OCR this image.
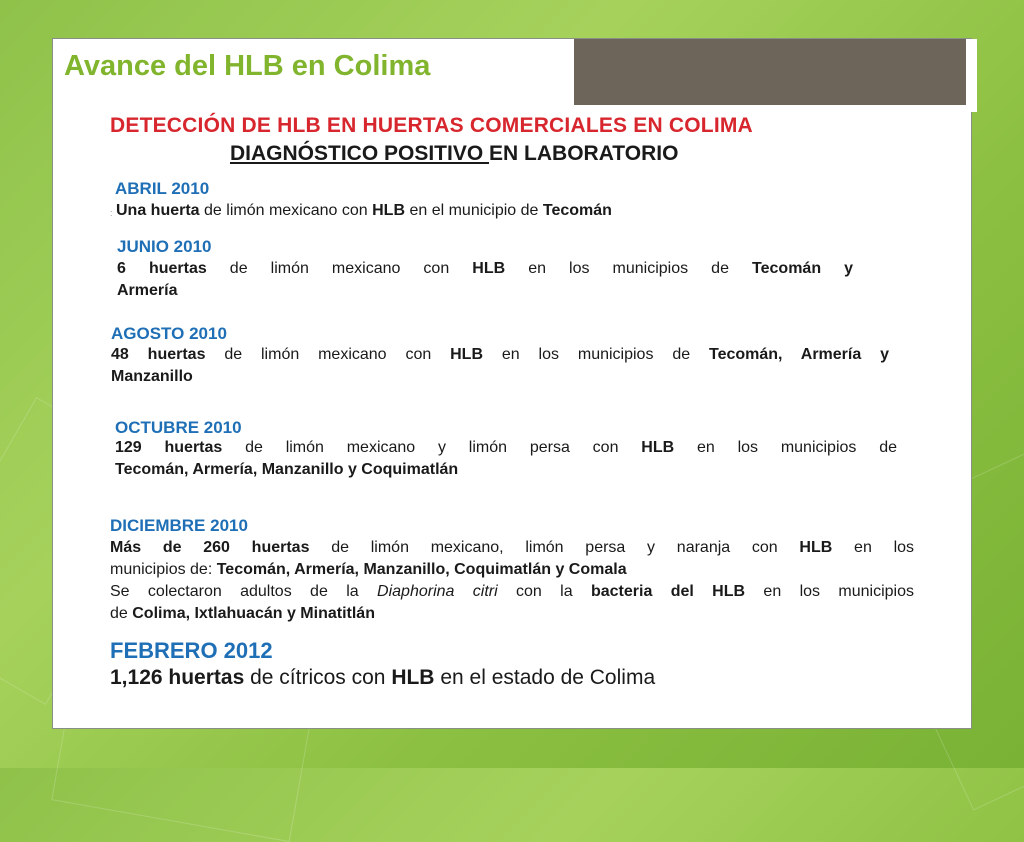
Avance del HLB en Colima

DETECCIÓN DE HLB EN HUERTAS COMERCIALES EN COLIMA

DIAGNÓSTICO POSITIVO EN LABORATORIO

ABRIL 2010

: Una huerta de limón mexicano con HLB en el municipio de Tecomán

JUNIO 2010

6 huertas de limón mexicano con HLB en los municipios de Tecomán y

Armería

AGOSTO 2010

48 huertas de limón mexicano con HLB en los municipios de Tecomán, Armería y

Manzanillo

OCTUBRE 2010

129 huertas de limón mexicano y limón persa con HLB en los municipios de

Tecomán, Armería, Manzanillo y Coquimatlán

DICIEMBRE 2010

Más de 260 huertas de limón mexicano, limón persa y naranja con HLB en los

municipios de: Tecomán, Armería, Manzanillo, Coquimatlán y Comala

Se colectaron adultos de la Diaphorina citri con la bacteria del HLB en los municipios

de Colima, Ixtlahuacán y Minatitlán

FEBRERO 2012

1,126 huertas de cítricos con HLB en el estado de Colima
